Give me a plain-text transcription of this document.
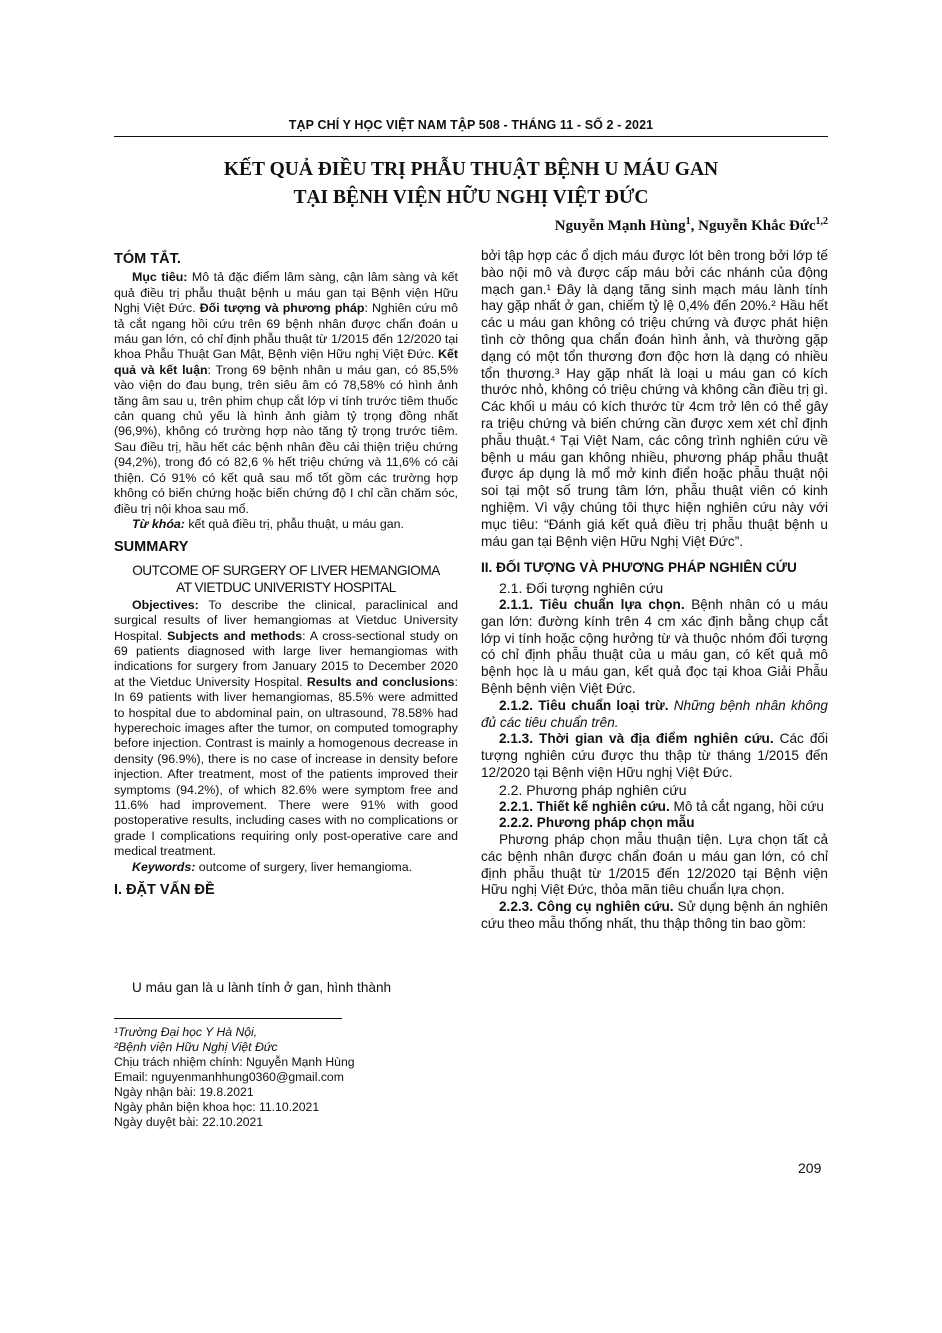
TẠP CHÍ Y HỌC VIỆT NAM TẬP 508 - THÁNG 11 - SỐ 2 - 2021
KẾT QUẢ ĐIỀU TRỊ PHẪU THUẬT BỆNH U MÁU GAN
TẠI BỆNH VIỆN HỮU NGHỊ VIỆT ĐỨC
Nguyễn Mạnh Hùng$^1$, Nguyễn Khắc Đức$^{1,2}$
TÓM TẮT.

Mục tiêu: Mô tả đặc điểm lâm sàng, cận lâm sàng và kết quả điều trị phẫu thuật bệnh u máu gan tại Bệnh viện Hữu Nghị Việt Đức. Đối tượng và phương pháp: Nghiên cứu mô tả cắt ngang hồi cứu trên 69 bệnh nhân được chẩn đoán u máu gan lớn, có chỉ định phẫu thuật từ 1/2015 đến 12/2020 tại khoa Phẫu Thuật Gan Mật, Bệnh viện Hữu nghị Việt Đức. Kết quả và kết luận: Trong 69 bệnh nhân u máu gan, có 85,5% vào viện do đau bụng, trên siêu âm có 78,58% có hình ảnh tăng âm sau u, trên phim chụp cắt lớp vi tính trước tiêm thuốc cản quang chủ yếu là hình ảnh giảm tỷ trọng đồng nhất (96,9%), không có trường hợp nào tăng tỷ trọng trước tiêm. Sau điều trị, hầu hết các bệnh nhân đều cải thiện triệu chứng (94,2%), trong đó có 82,6 % hết triệu chứng và 11,6% có cải thiện. Có 91% có kết quả sau mổ tốt gồm các trường hợp không có biến chứng hoặc biến chứng độ I chỉ cần chăm sóc, điều trị nội khoa sau mổ.

Từ khóa: kết quả điều trị, phẫu thuật, u máu gan.

SUMMARY
OUTCOME OF SURGERY OF LIVER HEMANGIOMA
AT VIETDUC UNIVERISTY HOSPITAL

Objectives: To describe the clinical, paraclinical and surgical results of liver hemangiomas at Vietduc University Hospital. Subjects and methods: A cross-sectional study on 69 patients diagnosed with large liver hemangiomas with indications for surgery from January 2015 to December 2020 at the Vietduc University Hospital. Results and conclusions: In 69 patients with liver hemangiomas, 85.5% were admitted to hospital due to abdominal pain, on ultrasound, 78.58% had hyperechoic images after the tumor, on computed tomography before injection. Contrast is mainly a homogenous decrease in density (96.9%), there is no case of increase in density before injection. After treatment, most of the patients improved their symptoms (94.2%), of which 82.6% were symptom free and 11.6% had improvement. There were 91% with good postoperative results, including cases with no complications or grade I complications requiring only post-operative care and medical treatment.

Keywords: outcome of surgery, liver hemangioma.

I. ĐẶT VẤN ĐỀ

U máu gan là u lành tính ở gan, hình thành

bởi tập hợp các ổ dịch máu được lót bên trong bởi lớp tế bào nội mô và được cấp máu bởi các nhánh của động mạch gan.¹ Đây là dạng tăng sinh mạch máu lành tính hay gặp nhất ở gan, chiếm tỷ lệ 0,4% đến 20%.² Hầu hết các u máu gan không có triệu chứng và được phát hiện tình cờ thông qua chẩn đoán hình ảnh, và thường gặp dạng có một tổn thương đơn độc hơn là dạng có nhiều tổn thương.³ Hay gặp nhất là loại u máu gan có kích thước nhỏ, không có triệu chứng và không cần điều trị gì. Các khối u máu có kích thước từ 4cm trở lên có thể gây ra triệu chứng và biến chứng cần được xem xét chỉ định phẫu thuật.⁴ Tại Việt Nam, các công trình nghiên cứu về bệnh u máu gan không nhiều, phương pháp phẫu thuật được áp dụng là mổ mở kinh điển hoặc phẫu thuật nội soi tại một số trung tâm lớn, phẫu thuật viên có kinh nghiệm. Vì vậy chúng tôi thực hiện nghiên cứu này với mục tiêu: “Đánh giá kết quả điều trị phẫu thuật bệnh u máu gan tại Bệnh viện Hữu Nghị Việt Đức”.

II. ĐỐI TƯỢNG VÀ PHƯƠNG PHÁP NGHIÊN CỨU

2.1. Đối tượng nghiên cứu

2.1.1. Tiêu chuẩn lựa chọn. Bệnh nhân có u máu gan lớn: đường kính trên 4 cm xác định bằng chụp cắt lớp vi tính hoặc cộng hưởng từ và thuộc nhóm đối tượng có chỉ định phẫu thuật của u máu gan, có kết quả mô bệnh học là u máu gan, kết quả đọc tại khoa Giải Phẫu Bệnh bệnh viện Việt Đức.

2.1.2. Tiêu chuẩn loại trừ. Những bệnh nhân không đủ các tiêu chuẩn trên.

2.1.3. Thời gian và địa điểm nghiên cứu. Các đối tượng nghiên cứu được thu thập từ tháng 1/2015 đến 12/2020 tại Bệnh viện Hữu nghị Việt Đức.

2.2. Phương pháp nghiên cứu

2.2.1. Thiết kế nghiên cứu. Mô tả cắt ngang, hồi cứu

2.2.2. Phương pháp chọn mẫu

Phương pháp chọn mẫu thuận tiện. Lựa chọn tất cả các bệnh nhân được chẩn đoán u máu gan lớn, có chỉ định phẫu thuật từ 1/2015 đến 12/2020 tại Bệnh viện Hữu nghị Việt Đức, thỏa mãn tiêu chuẩn lựa chọn.

2.2.3. Công cụ nghiên cứu. Sử dụng bệnh án nghiên cứu theo mẫu thống nhất, thu thập thông tin bao gồm:

¹Trường Đại học Y Hà Nội,
²Bệnh viện Hữu Nghị Việt Đức
Chịu trách nhiệm chính: Nguyễn Mạnh Hùng
Email: nguyenmanhhung0360@gmail.com
Ngày nhận bài: 19.8.2021
Ngày phản biện khoa học: 11.10.2021
Ngày duyệt bài: 22.10.2021
209
